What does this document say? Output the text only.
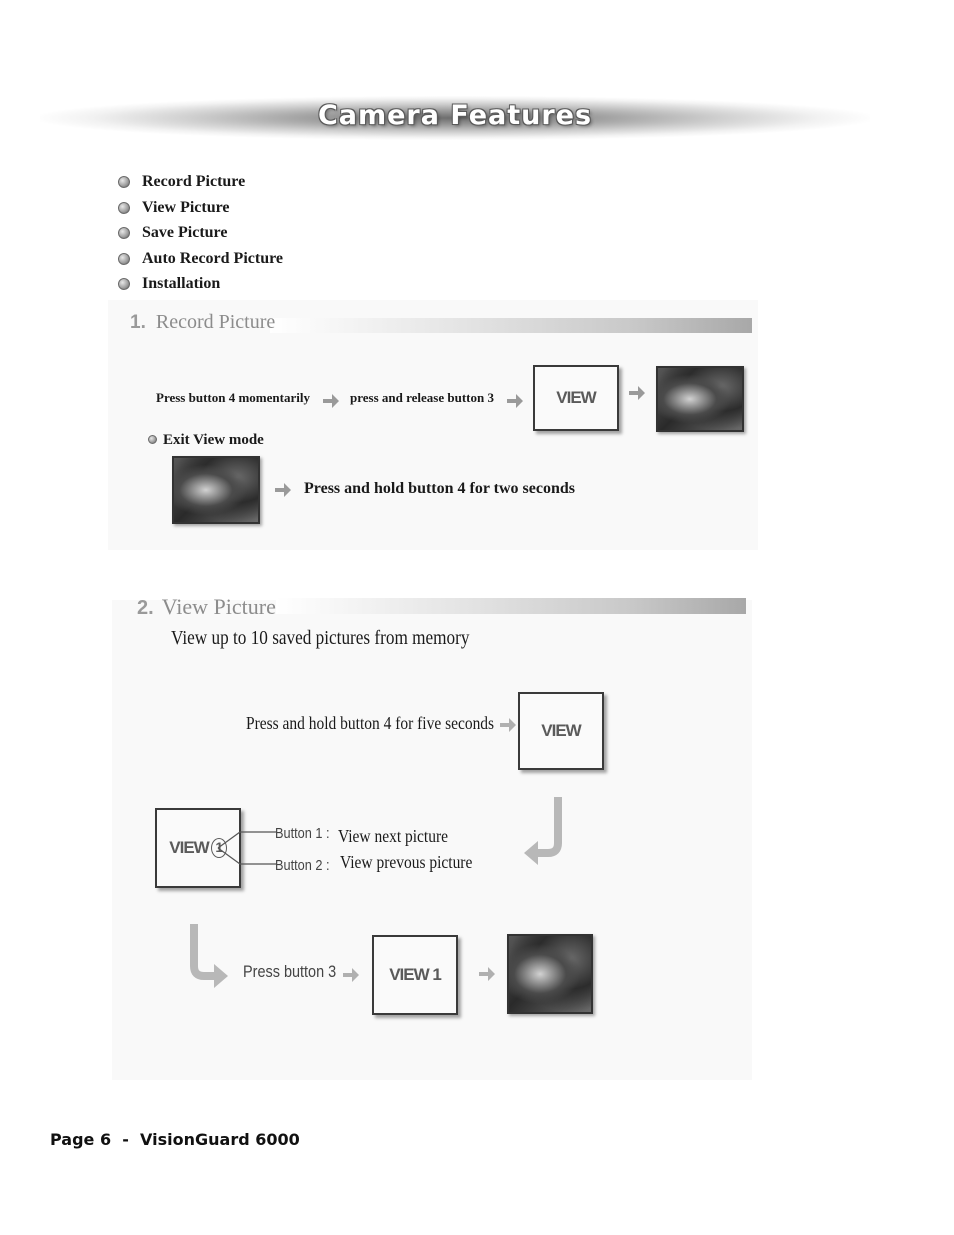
Camera Features
Record Picture
View Picture
Save Picture
Auto Record Picture
Installation
1. Record Picture
Press button 4 momentarily	press and release button 3	VIEW
Exit View mode
Press and hold button 4 for two seconds
2. View Picture
View up to 10 saved pictures from memory
Press and hold button 4 for five seconds	VIEW
VIEW 1
Button 1 : View next picture
Button 2 : View prevous picture
Press button 3	VIEW 1
Page 6  -  VisionGuard 6000
